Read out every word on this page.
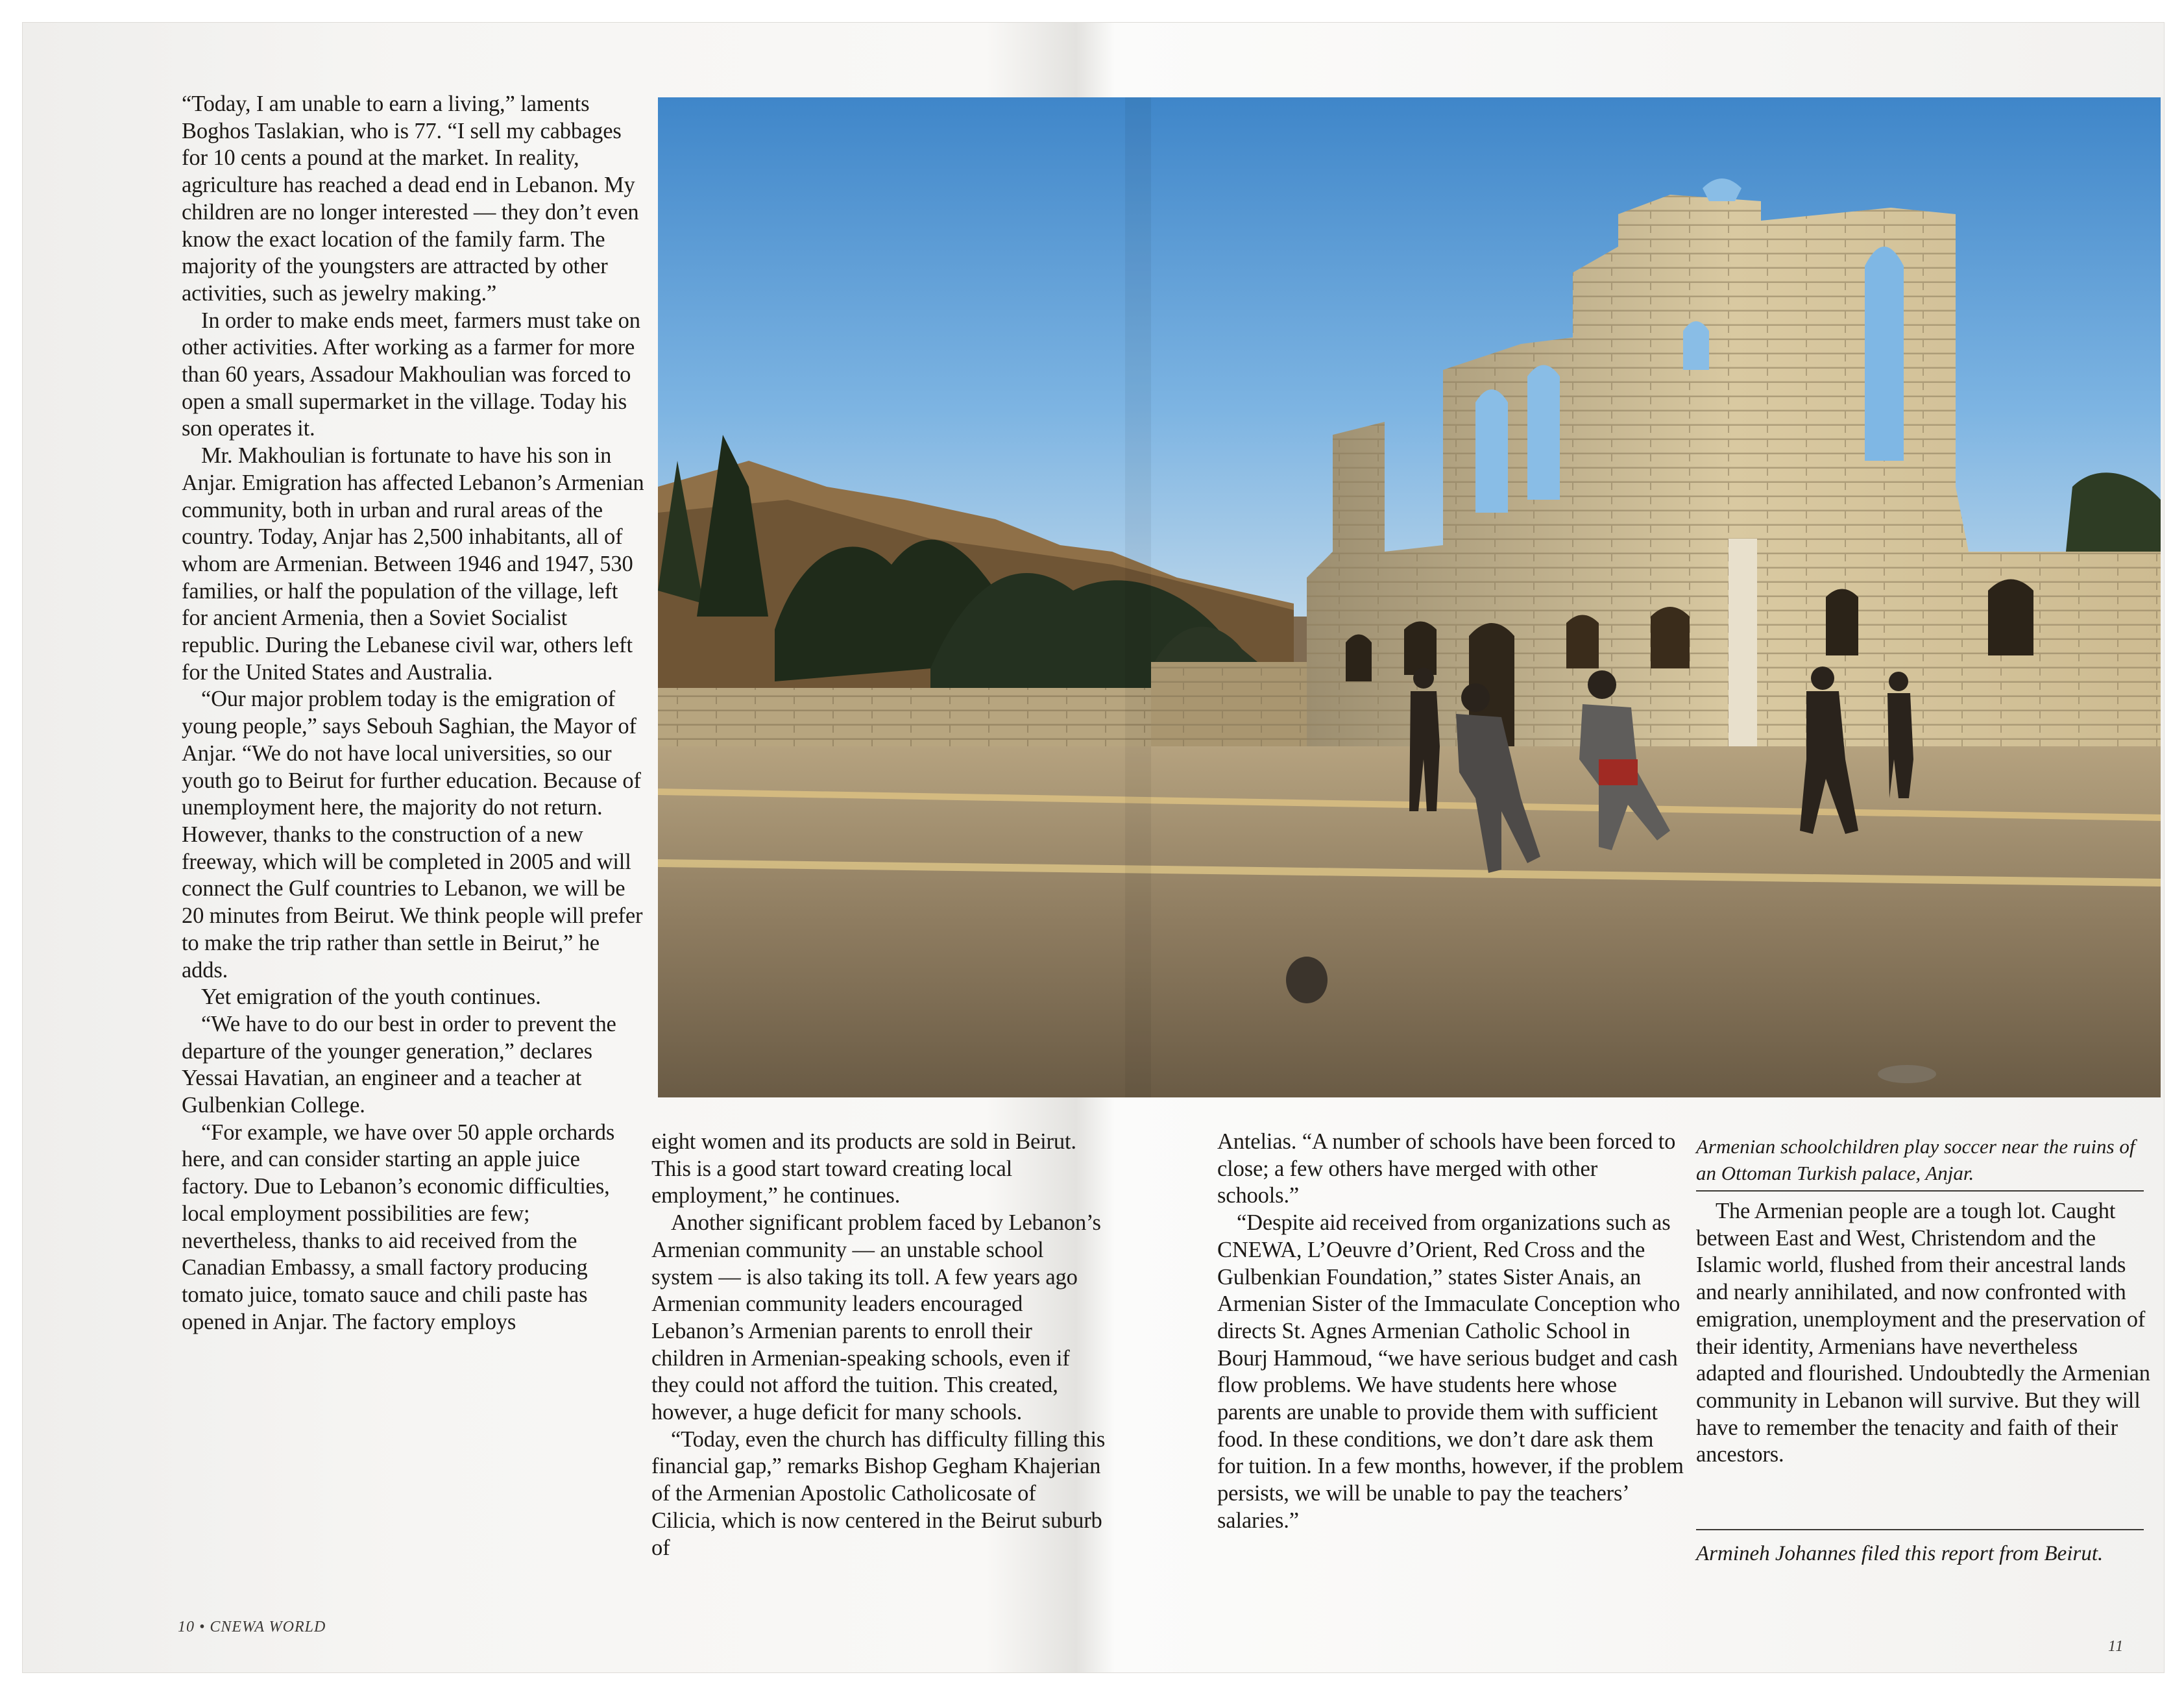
“Today, I am unable to earn a living,” laments Boghos Taslakian, who is 77. “I sell my cabbages for 10 cents a pound at the market. In reality, agriculture has reached a dead end in Lebanon. My children are no longer interested — they don’t even know the exact location of the family farm. The majority of the youngsters are attracted by other activities, such as jewelry making.”

In order to make ends meet, farmers must take on other activities. After working as a farmer for more than 60 years, Assadour Makhoulian was forced to open a small supermarket in the village. Today his son operates it.

Mr. Makhoulian is fortunate to have his son in Anjar. Emigration has affected Lebanon’s Armenian community, both in urban and rural areas of the country. Today, Anjar has 2,500 inhabitants, all of whom are Armenian. Between 1946 and 1947, 530 families, or half the population of the village, left for ancient Armenia, then a Soviet Socialist republic. During the Lebanese civil war, others left for the United States and Australia.

“Our major problem today is the emigration of young people,” says Sebouh Saghian, the Mayor of Anjar. “We do not have local universities, so our youth go to Beirut for further education. Because of unemployment here, the majority do not return. However, thanks to the construction of a new freeway, which will be completed in 2005 and will connect the Gulf countries to Lebanon, we will be 20 minutes from Beirut. We think people will prefer to make the trip rather than settle in Beirut,” he adds.

Yet emigration of the youth continues.

“We have to do our best in order to prevent the departure of the younger generation,” declares Yessai Havatian, an engineer and a teacher at Gulbenkian College.

“For example, we have over 50 apple orchards here, and can consider starting an apple juice factory. Due to Lebanon’s economic difficulties, local employment possibilities are few; nevertheless, thanks to aid received from the Canadian Embassy, a small factory producing tomato juice, tomato sauce and chili paste has opened in Anjar. The factory employs

eight women and its products are sold in Beirut. This is a good start toward creating local employment,” he continues.

Another significant problem faced by Lebanon’s Armenian community — an unstable school system — is also taking its toll. A few years ago Armenian community leaders encouraged Lebanon’s Armenian parents to enroll their children in Armenian-speaking schools, even if they could not afford the tuition. This created, however, a huge deficit for many schools.

“Today, even the church has difficulty filling this financial gap,” remarks Bishop Gegham Khajerian of the Armenian Apostolic Catholicosate of Cilicia, which is now centered in the Beirut suburb of

Antelias. “A number of schools have been forced to close; a few others have merged with other schools.”

“Despite aid received from organizations such as CNEWA, L’Oeuvre d’Orient, Red Cross and the Gulbenkian Foundation,” states Sister Anais, an Armenian Sister of the Immaculate Conception who directs St. Agnes Armenian Catholic School in Bourj Hammoud, “we have serious budget and cash flow problems. We have students here whose parents are unable to provide them with sufficient food. In these conditions, we don’t dare ask them for tuition. In a few months, however, if the problem persists, we will be unable to pay the teachers’ salaries.”

Armenian schoolchildren play soccer near the ruins of an Ottoman Turkish palace, Anjar.

The Armenian people are a tough lot. Caught between East and West, Christendom and the Islamic world, flushed from their ancestral lands and nearly annihilated, and now confronted with emigration, unemployment and the preservation of their identity, Armenians have nevertheless adapted and flourished. Undoubtedly the Armenian community in Lebanon will survive. But they will have to remember the tenacity and faith of their ancestors.

Armineh Johannes filed this report from Beirut.
10 • CNEWA WORLD
11
